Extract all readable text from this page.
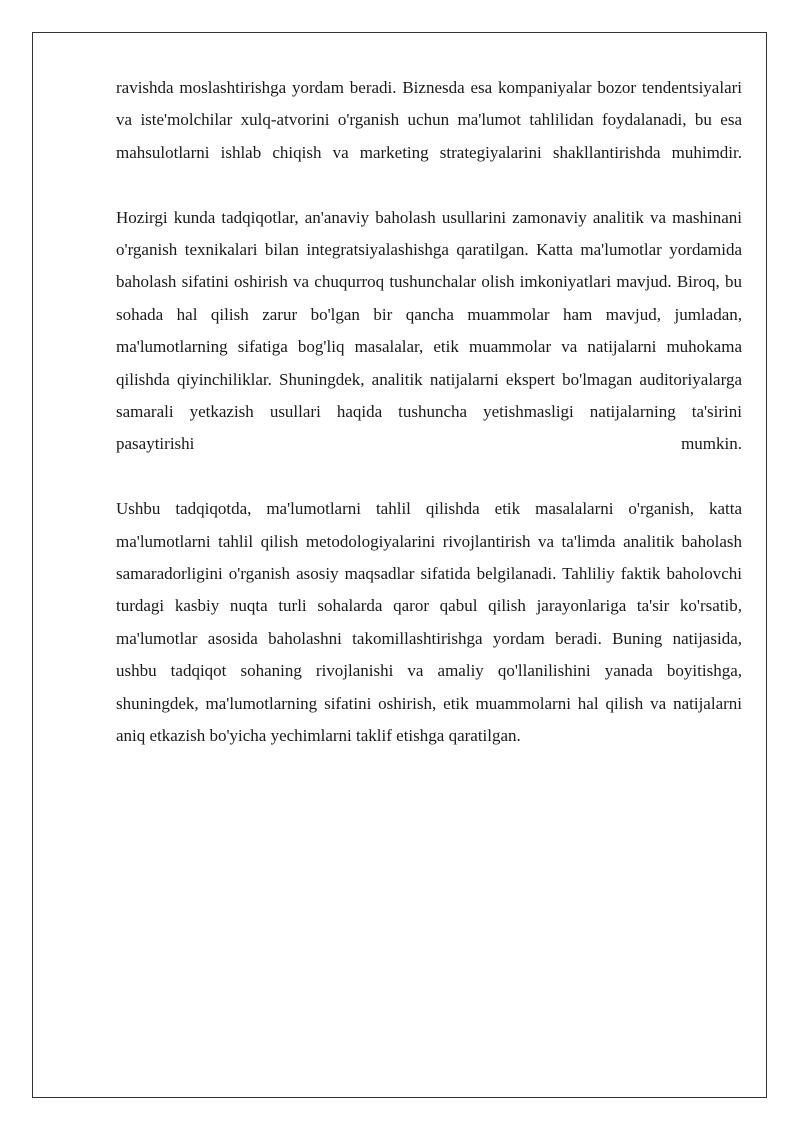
ravishda moslashtirishga yordam beradi. Biznesda esa kompaniyalar bozor tendentsiyalari va iste'molchilar xulq-atvorini o'rganish uchun ma'lumot tahlilidan foydalanadi, bu esa mahsulotlarni ishlab chiqish va marketing strategiyalarini shakllantirishda muhimdir.

Hozirgi kunda tadqiqotlar, an'anaviy baholash usullarini zamonaviy analitik va mashinani o'rganish texnikalari bilan integratsiyalashishga qaratilgan. Katta ma'lumotlar yordamida baholash sifatini oshirish va chuqurroq tushunchalar olish imkoniyatlari mavjud. Biroq, bu sohada hal qilish zarur bo'lgan bir qancha muammolar ham mavjud, jumladan, ma'lumotlarning sifatiga bog'liq masalalar, etik muammolar va natijalarni muhokama qilishda qiyinchiliklar. Shuningdek, analitik natijalarni ekspert bo'lmagan auditoriyalarga samarali yetkazish usullari haqida tushuncha yetishmasligi natijalarning ta'sirini pasaytirishi mumkin.

Ushbu tadqiqotda, ma'lumotlarni tahlil qilishda etik masalalarni o'rganish, katta ma'lumotlarni tahlil qilish metodologiyalarini rivojlantirish va ta'limda analitik baholash samaradorligini o'rganish asosiy maqsadlar sifatida belgilanadi. Tahliliy faktik baholovchi turdagi kasbiy nuqta turli sohalarda qaror qabul qilish jarayonlariga ta'sir ko'rsatib, ma'lumotlar asosida baholashni takomillashtirishga yordam beradi. Buning natijasida, ushbu tadqiqot sohaning rivojlanishi va amaliy qo'llanilishini yanada boyitishga, shuningdek, ma'lumotlarning sifatini oshirish, etik muammolarni hal qilish va natijalarni aniq etkazish bo'yicha yechimlarni taklif etishga qaratilgan.
